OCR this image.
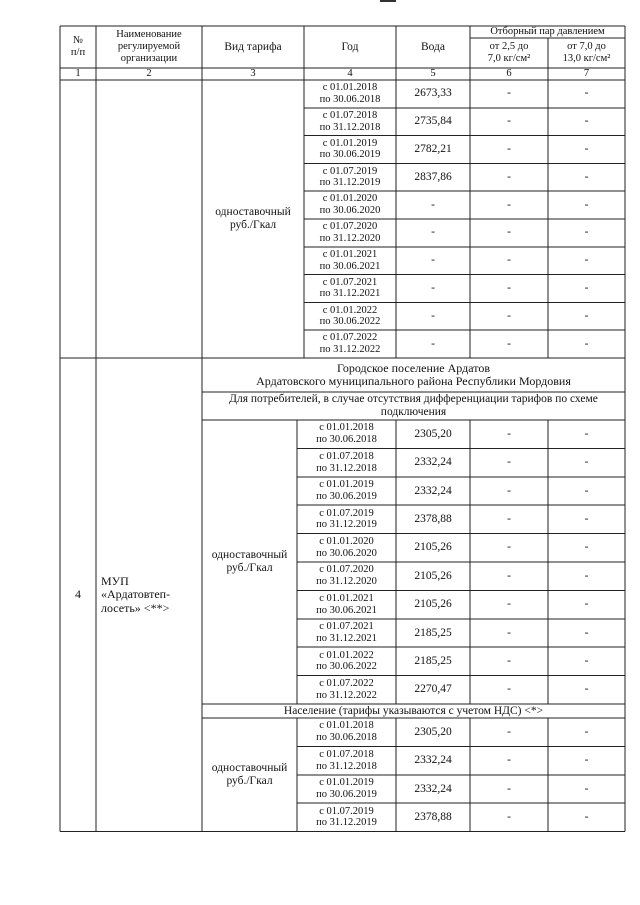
№
п/п
Наименование
регулируемой
организации
Вид тарифа	Год	Вода
Отборный пар давлением
от 2,5 до
7,0 кг/см²
от 7,0 до
13,0 кг/см²
1	2	3	4	5	6	7
одноставочный
руб./Гкал
с 01.01.2018
по 30.06.2018	2673,33	-	-
с 01.07.2018
по 31.12.2018	2735,84	-	-
с 01.01.2019
по 30.06.2019	2782,21	-	-
с 01.07.2019
по 31.12.2019	2837,86	-	-
с 01.01.2020
по 30.06.2020	-	-	-
с 01.07.2020
по 31.12.2020	-	-	-
с 01.01.2021
по 30.06.2021	-	-	-
с 01.07.2021
по 31.12.2021	-	-	-
с 01.01.2022
по 30.06.2022	-	-	-
с 01.07.2022
по 31.12.2022	-	-	-
4
МУП
«Ардатовтеп-
лосеть» <**>
Городское поселение Ардатов
Ардатовского муниципального района Республики Мордовия
Для потребителей, в случае отсутствия дифференциации тарифов по схеме
подключения
одноставочный
руб./Гкал
с 01.01.2018
по 30.06.2018	2305,20	-	-
с 01.07.2018
по 31.12.2018	2332,24	-	-
с 01.01.2019
по 30.06.2019	2332,24	-	-
с 01.07.2019
по 31.12.2019	2378,88	-	-
с 01.01.2020
по 30.06.2020	2105,26	-	-
с 01.07.2020
по 31.12.2020	2105,26	-	-
с 01.01.2021
по 30.06.2021	2105,26	-	-
с 01.07.2021
по 31.12.2021	2185,25	-	-
с 01.01.2022
по 30.06.2022	2185,25	-	-
с 01.07.2022
по 31.12.2022	2270,47	-	-
Население (тарифы указываются с учетом НДС) <*>
одноставочный
руб./Гкал
с 01.01.2018
по 30.06.2018	2305,20	-	-
с 01.07.2018
по 31.12.2018	2332,24	-	-
с 01.01.2019
по 30.06.2019	2332,24	-	-
с 01.07.2019
по 31.12.2019	2378,88	-	-
